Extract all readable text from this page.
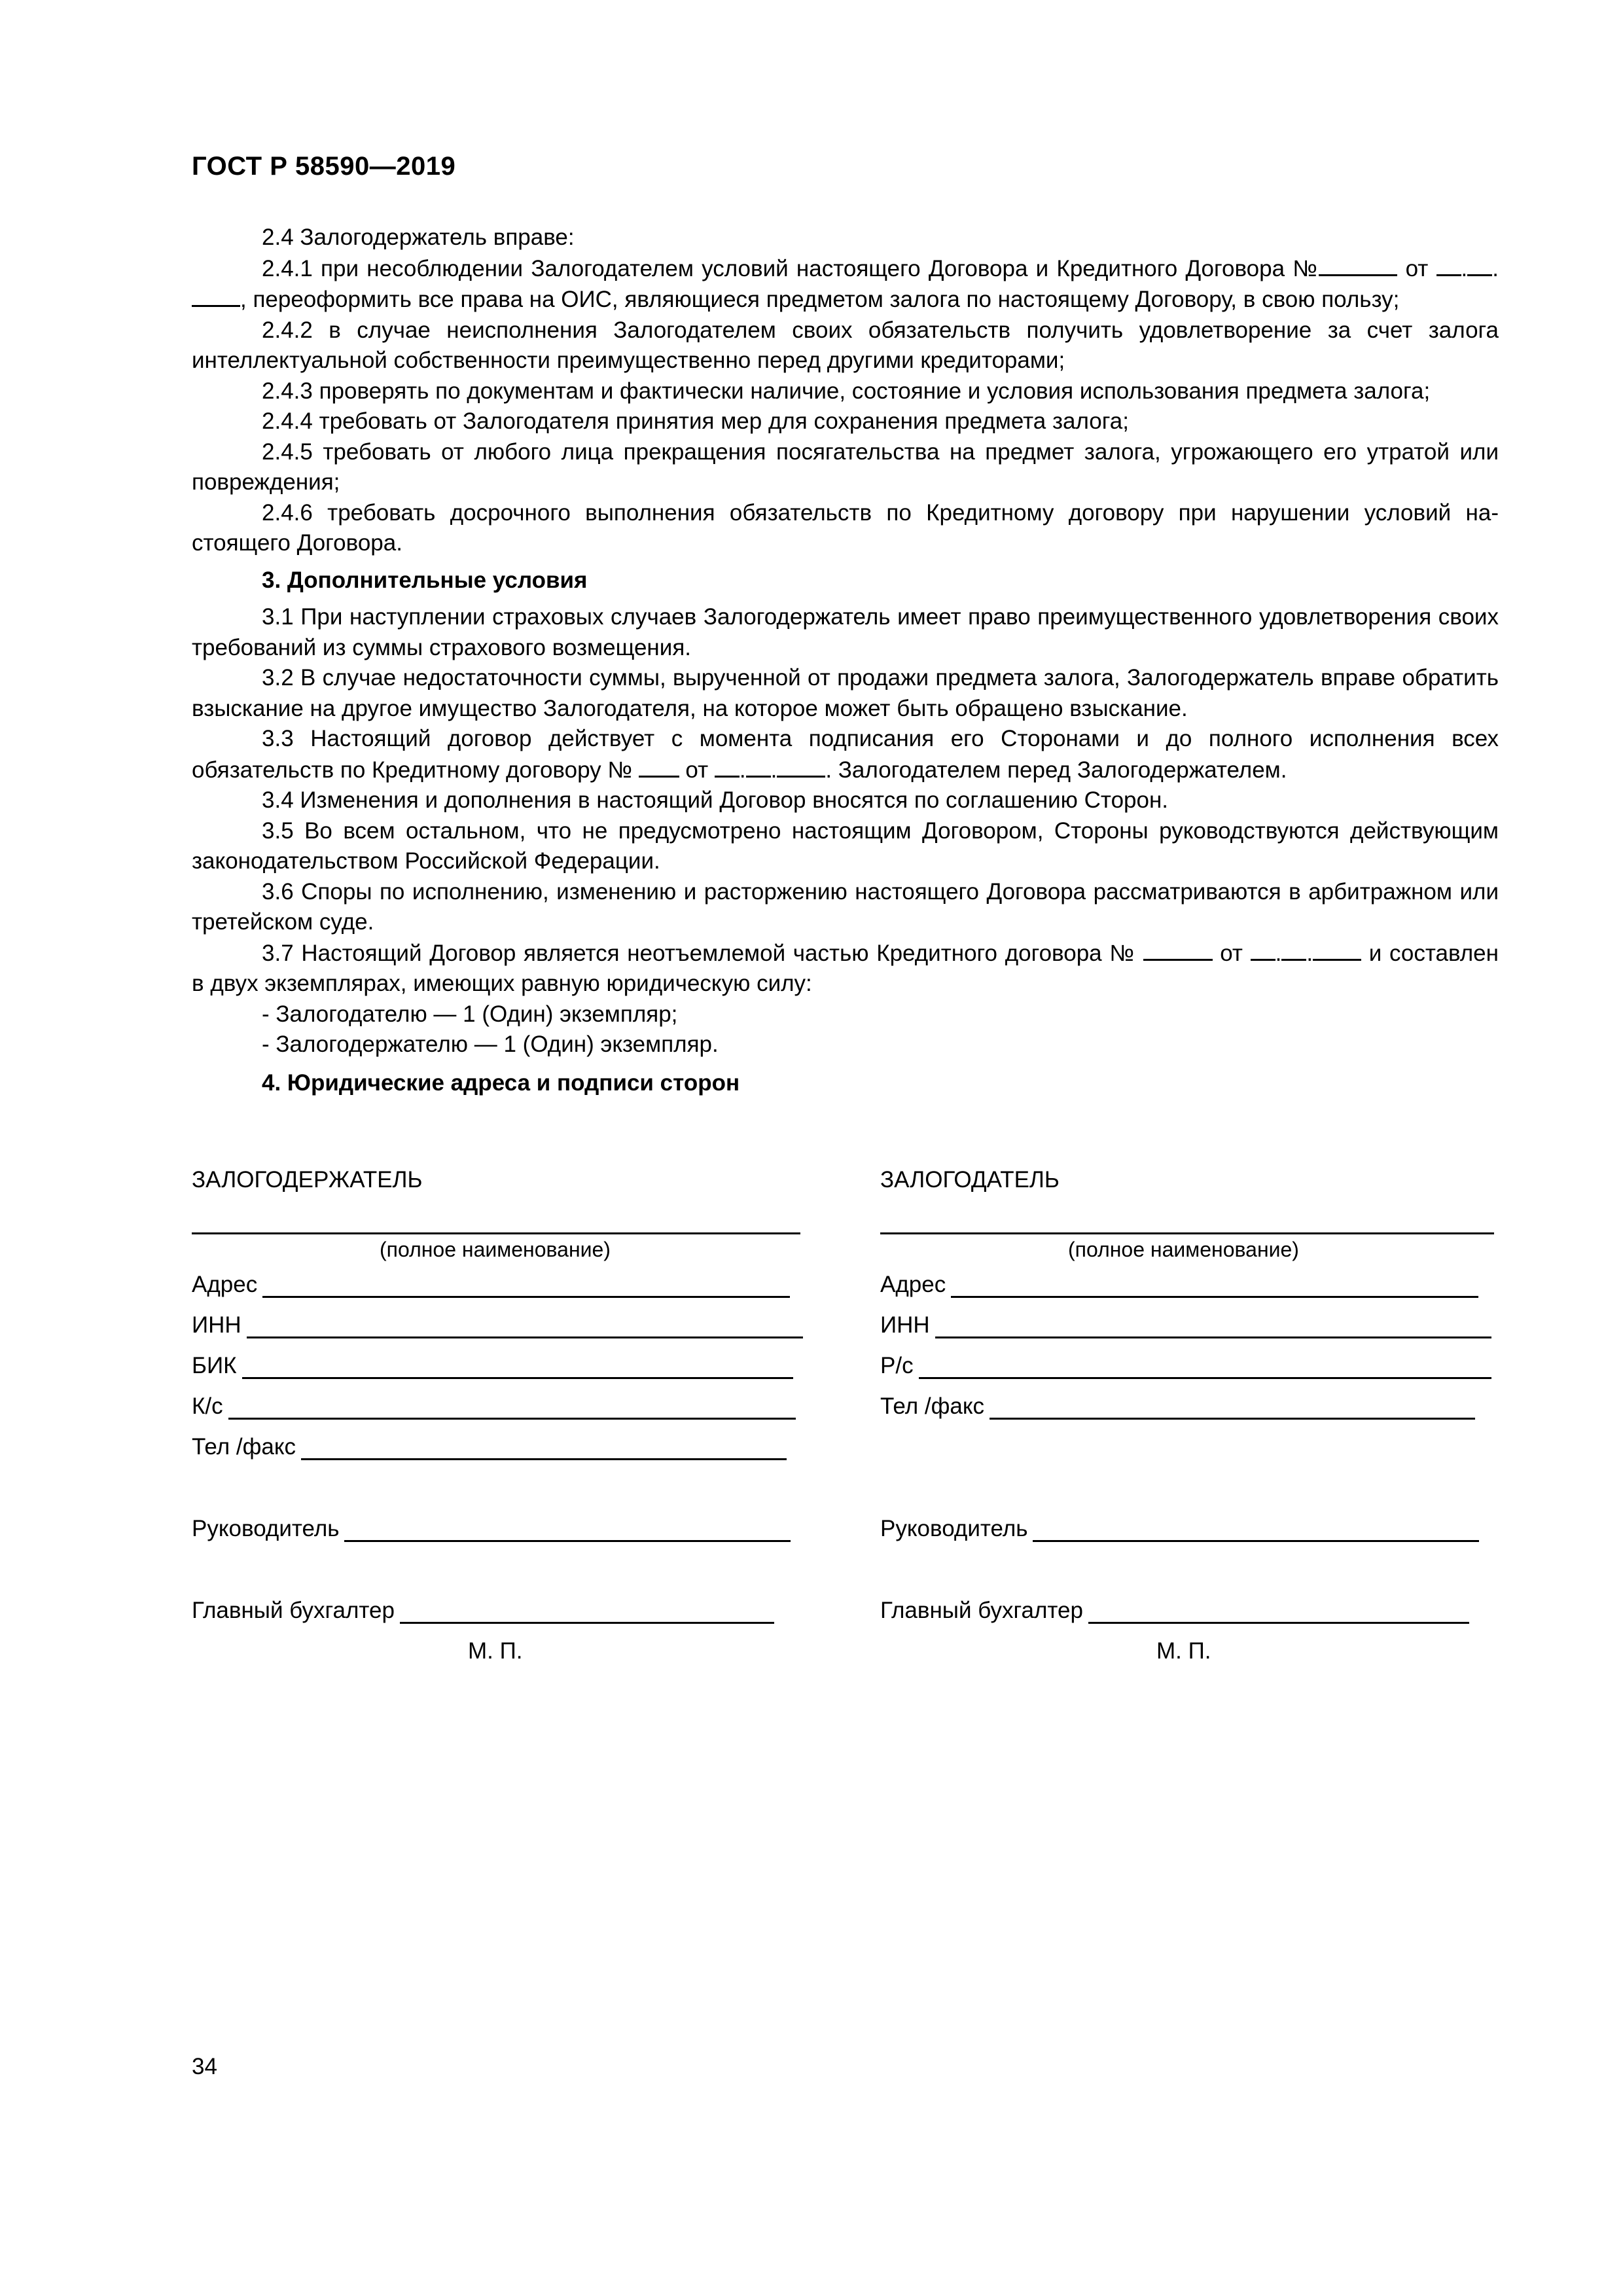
ГОСТ Р 58590—2019

2.4 Залогодержатель вправе:

2.4.1 при несоблюдении Залогодателем условий настоящего Договора и Кредитного Договора №	от . ., переоформить все права на ОИС, являющиеся предметом залога по настоящему Договору, в свою пользу;

2.4.2 в случае неисполнения Залогодателем своих обязательств получить удовлетворение за счет залога интеллектуальной собственности преимущественно перед другими кредиторами;

2.4.3 проверять по документам и фактически наличие, состояние и условия использования предмета залога;

2.4.4 требовать от Залогодателя принятия мер для сохранения предмета залога;

2.4.5 требовать от любого лица прекращения посягательства на предмет залога, угрожающего его утратой или повреждения;

2.4.6 требовать досрочного выполнения обязательств по Кредитному договору при нарушении условий настоящего Договора.

3. Дополнительные условия

3.1 При наступлении страховых случаев Залогодержатель имеет право преимущественного удовлетворения своих требований из суммы страхового возмещения.

3.2 В случае недостаточности суммы, вырученной от продажи предмета залога, Залогодержатель вправе обратить взыскание на другое имущество Залогодателя, на которое может быть обращено взыскание.

3.3 Настоящий договор действует с момента подписания его Сторонами и до полного исполнения всех обязательств по Кредитному договору № от . . . Залогодателем перед Залогодержателем.

3.4 Изменения и дополнения в настоящий Договор вносятся по соглашению Сторон.

3.5 Во всем остальном, что не предусмотрено настоящим Договором, Стороны руководствуются действующим законодательством Российской Федерации.

3.6 Споры по исполнению, изменению и расторжению настоящего Договора рассматриваются в арбитражном или третейском суде.

3.7 Настоящий Договор является неотъемлемой частью Кредитного договора №	от . . и составлен в двух экземплярах, имеющих равную юридическую силу:

- Залогодателю — 1 (Один) экземпляр;

- Залогодержателю — 1 (Один) экземпляр.

4. Юридические адреса и подписи сторон

ЗАЛОГОДЕРЖАТЕЛЬ
(полное наименование)
Адрес
ИНН
БИК
К/с
Тел /факс
Руководитель
Главный бухгалтер
М. П.
ЗАЛОГОДАТЕЛЬ
(полное наименование)
Адрес
ИНН
Р/с
Тел /факс
Руководитель
Главный бухгалтер
М. П.
34
